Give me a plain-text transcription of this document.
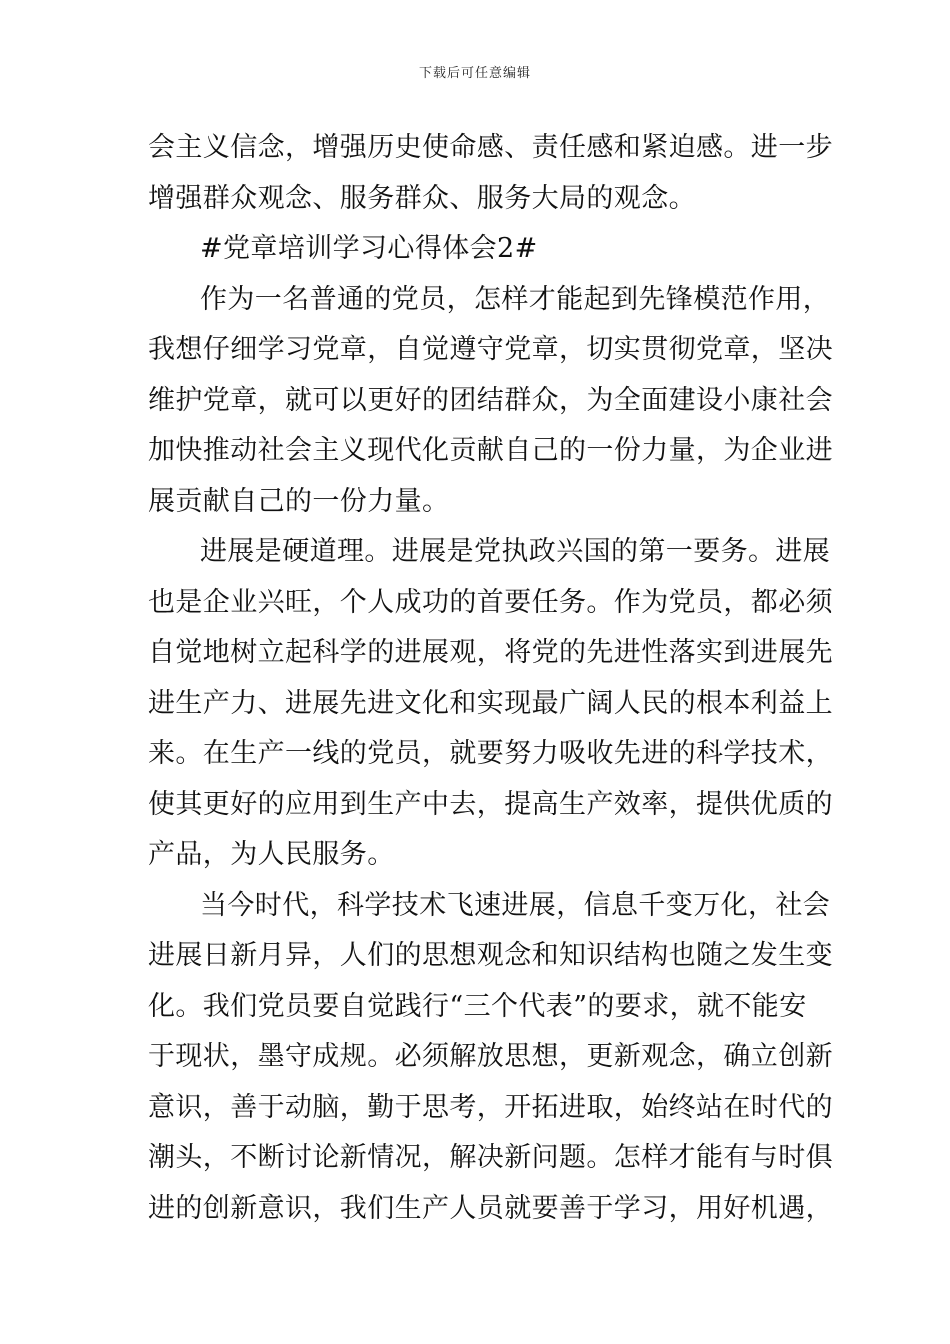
下载后可任意编辑
会主义信念，增强历史使命感、责任感和紧迫感。进一步
增强群众观念、服务群众、服务大局的观念。
#党章培训学习心得体会2#
作为一名普通的党员，怎样才能起到先锋模范作用，
我想仔细学习党章，自觉遵守党章，切实贯彻党章，坚决
维护党章，就可以更好的团结群众，为全面建设小康社会
加快推动社会主义现代化贡献自己的一份力量，为企业进
展贡献自己的一份力量。
进展是硬道理。进展是党执政兴国的第一要务。进展
也是企业兴旺，个人成功的首要任务。作为党员，都必须
自觉地树立起科学的进展观，将党的先进性落实到进展先
进生产力、进展先进文化和实现最广阔人民的根本利益上
来。在生产一线的党员，就要努力吸收先进的科学技术，
使其更好的应用到生产中去，提高生产效率，提供优质的
产品，为人民服务。
当今时代，科学技术飞速进展，信息千变万化，社会
进展日新月异，人们的思想观念和知识结构也随之发生变
化。我们党员要自觉践行“三个代表”的要求，就不能安
于现状，墨守成规。必须解放思想，更新观念，确立创新
意识，善于动脑，勤于思考，开拓进取，始终站在时代的
潮头，不断讨论新情况，解决新问题。怎样才能有与时俱
进的创新意识，我们生产人员就要善于学习，用好机遇，
